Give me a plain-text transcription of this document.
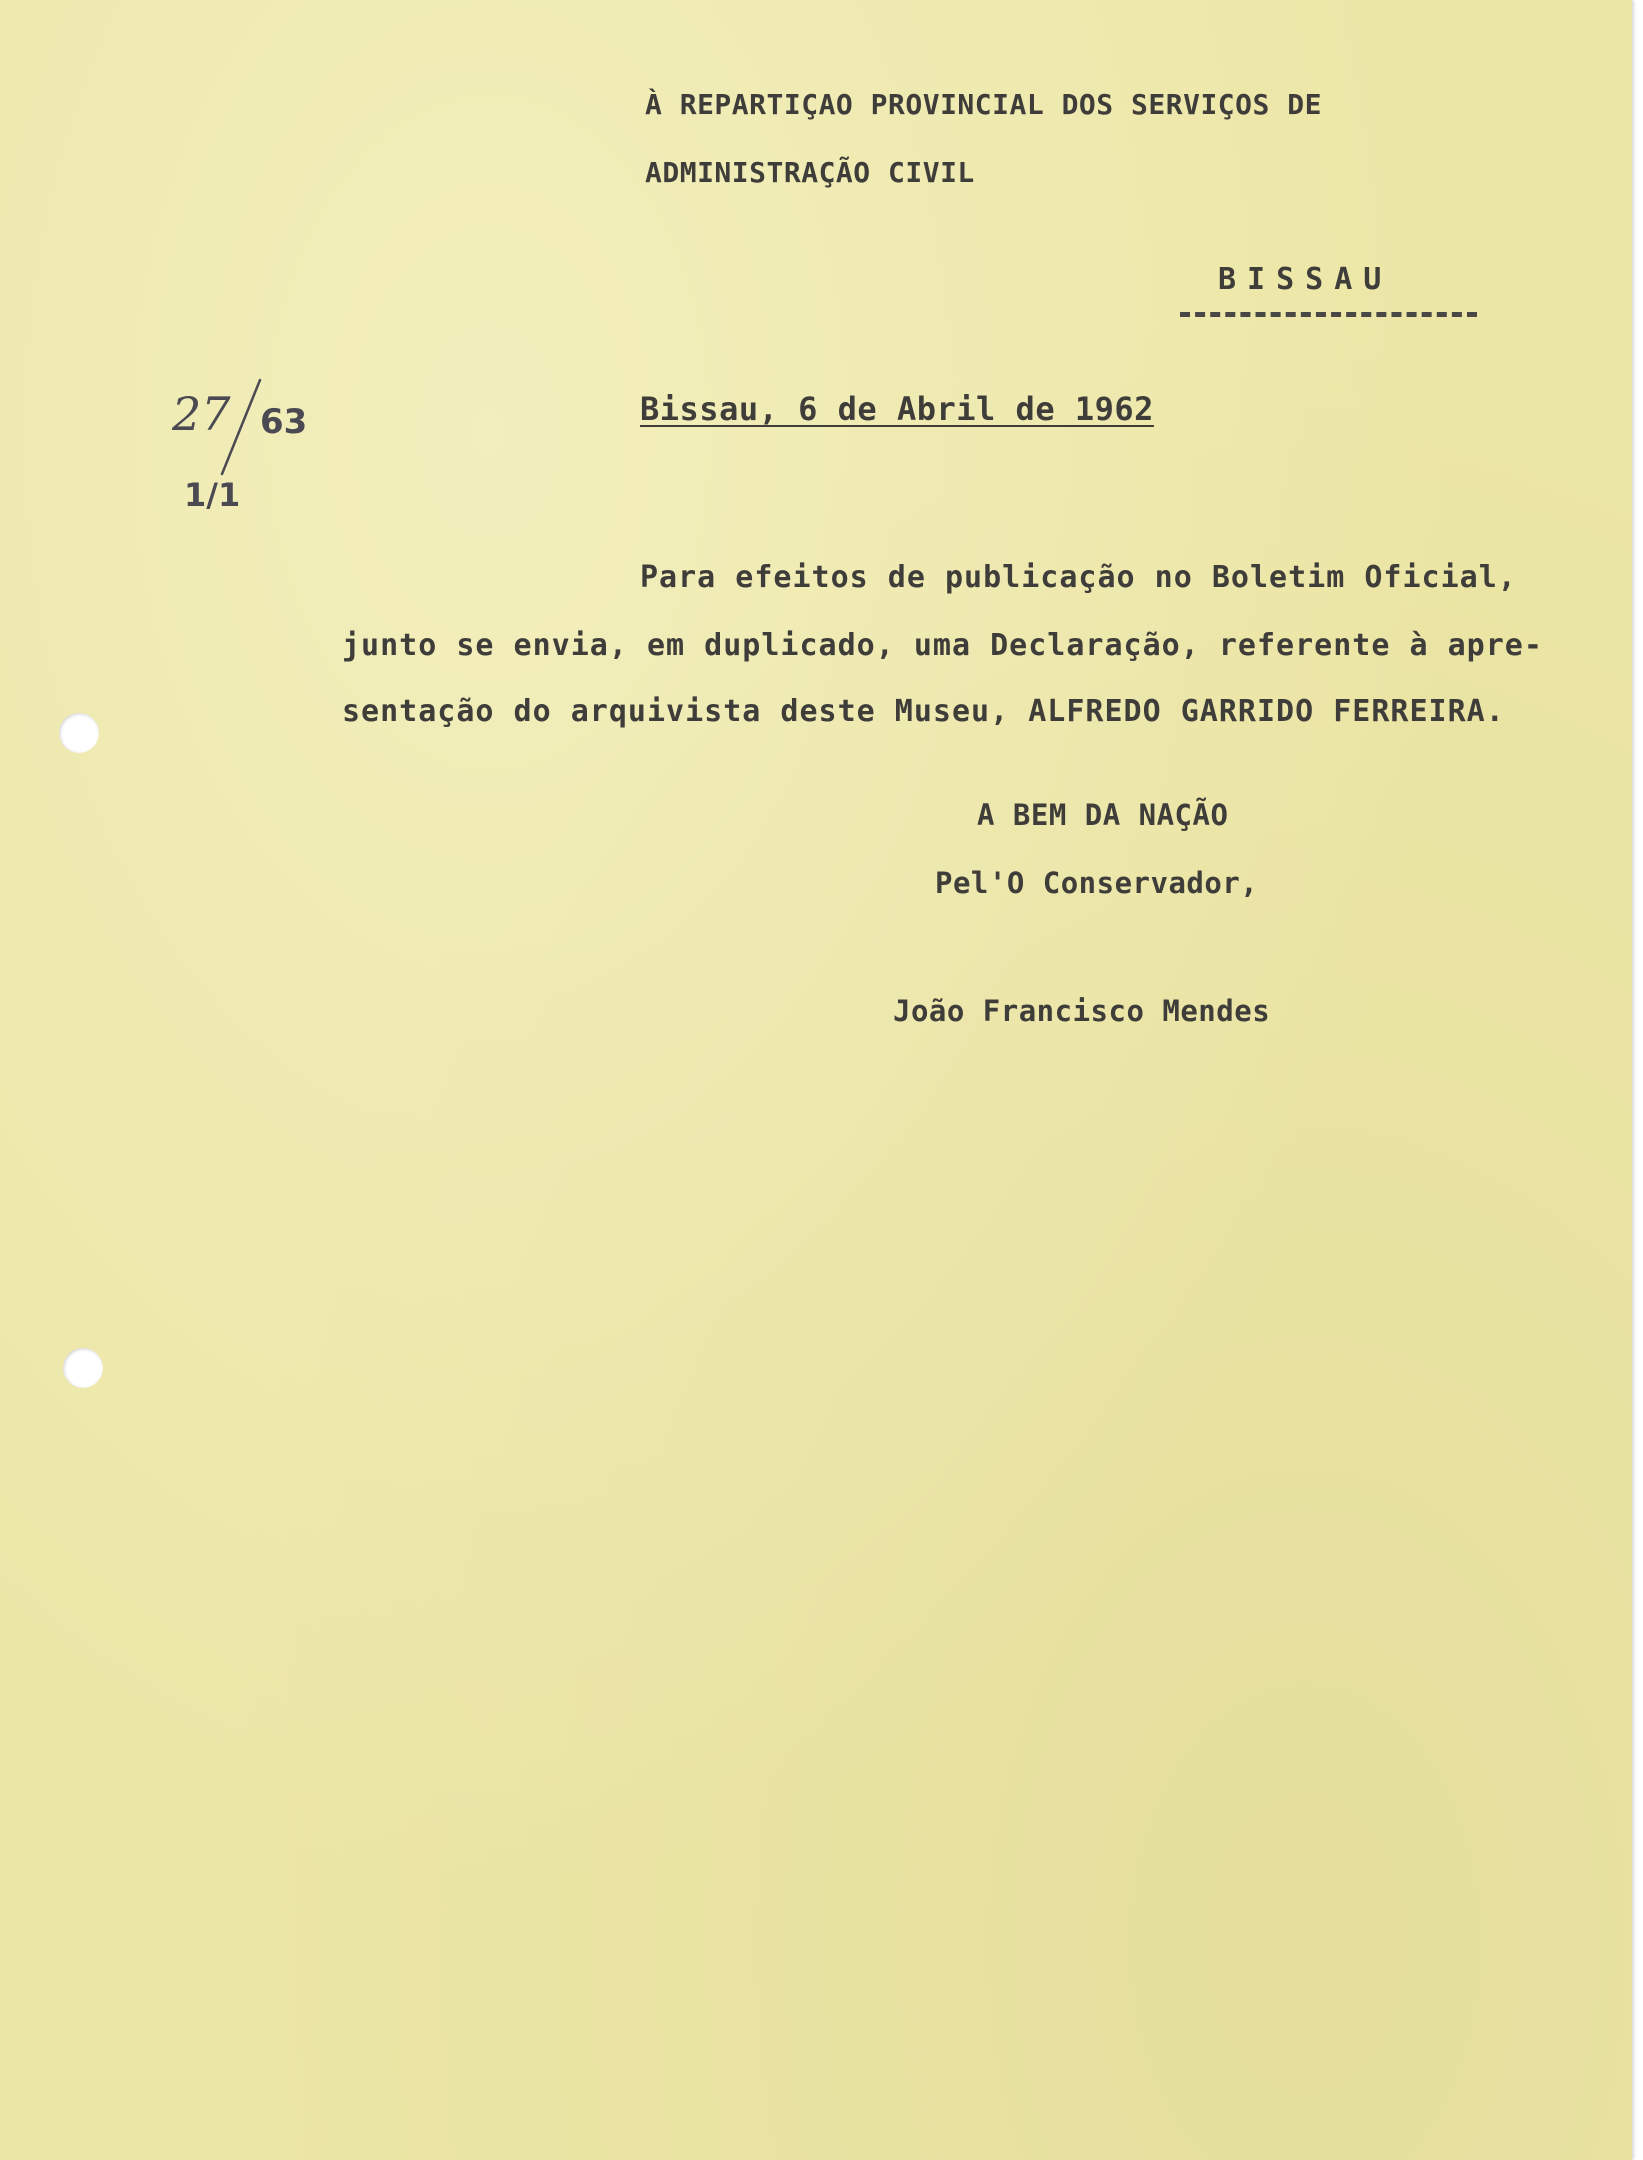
À REPARTIÇAO PROVINCIAL DOS SERVIÇOS DE
ADMINISTRAÇÃO CIVIL
BISSAU
27 63
1/1
Bissau, 6 de Abril de 1962
Para efeitos de publicação no Boletim Oficial,
junto se envia, em duplicado, uma Declaração, referente à apre-
sentação do arquivista deste Museu, ALFREDO GARRIDO FERREIRA.
A BEM DA NAÇÃO
Pel'O Conservador,
João Francisco Mendes
